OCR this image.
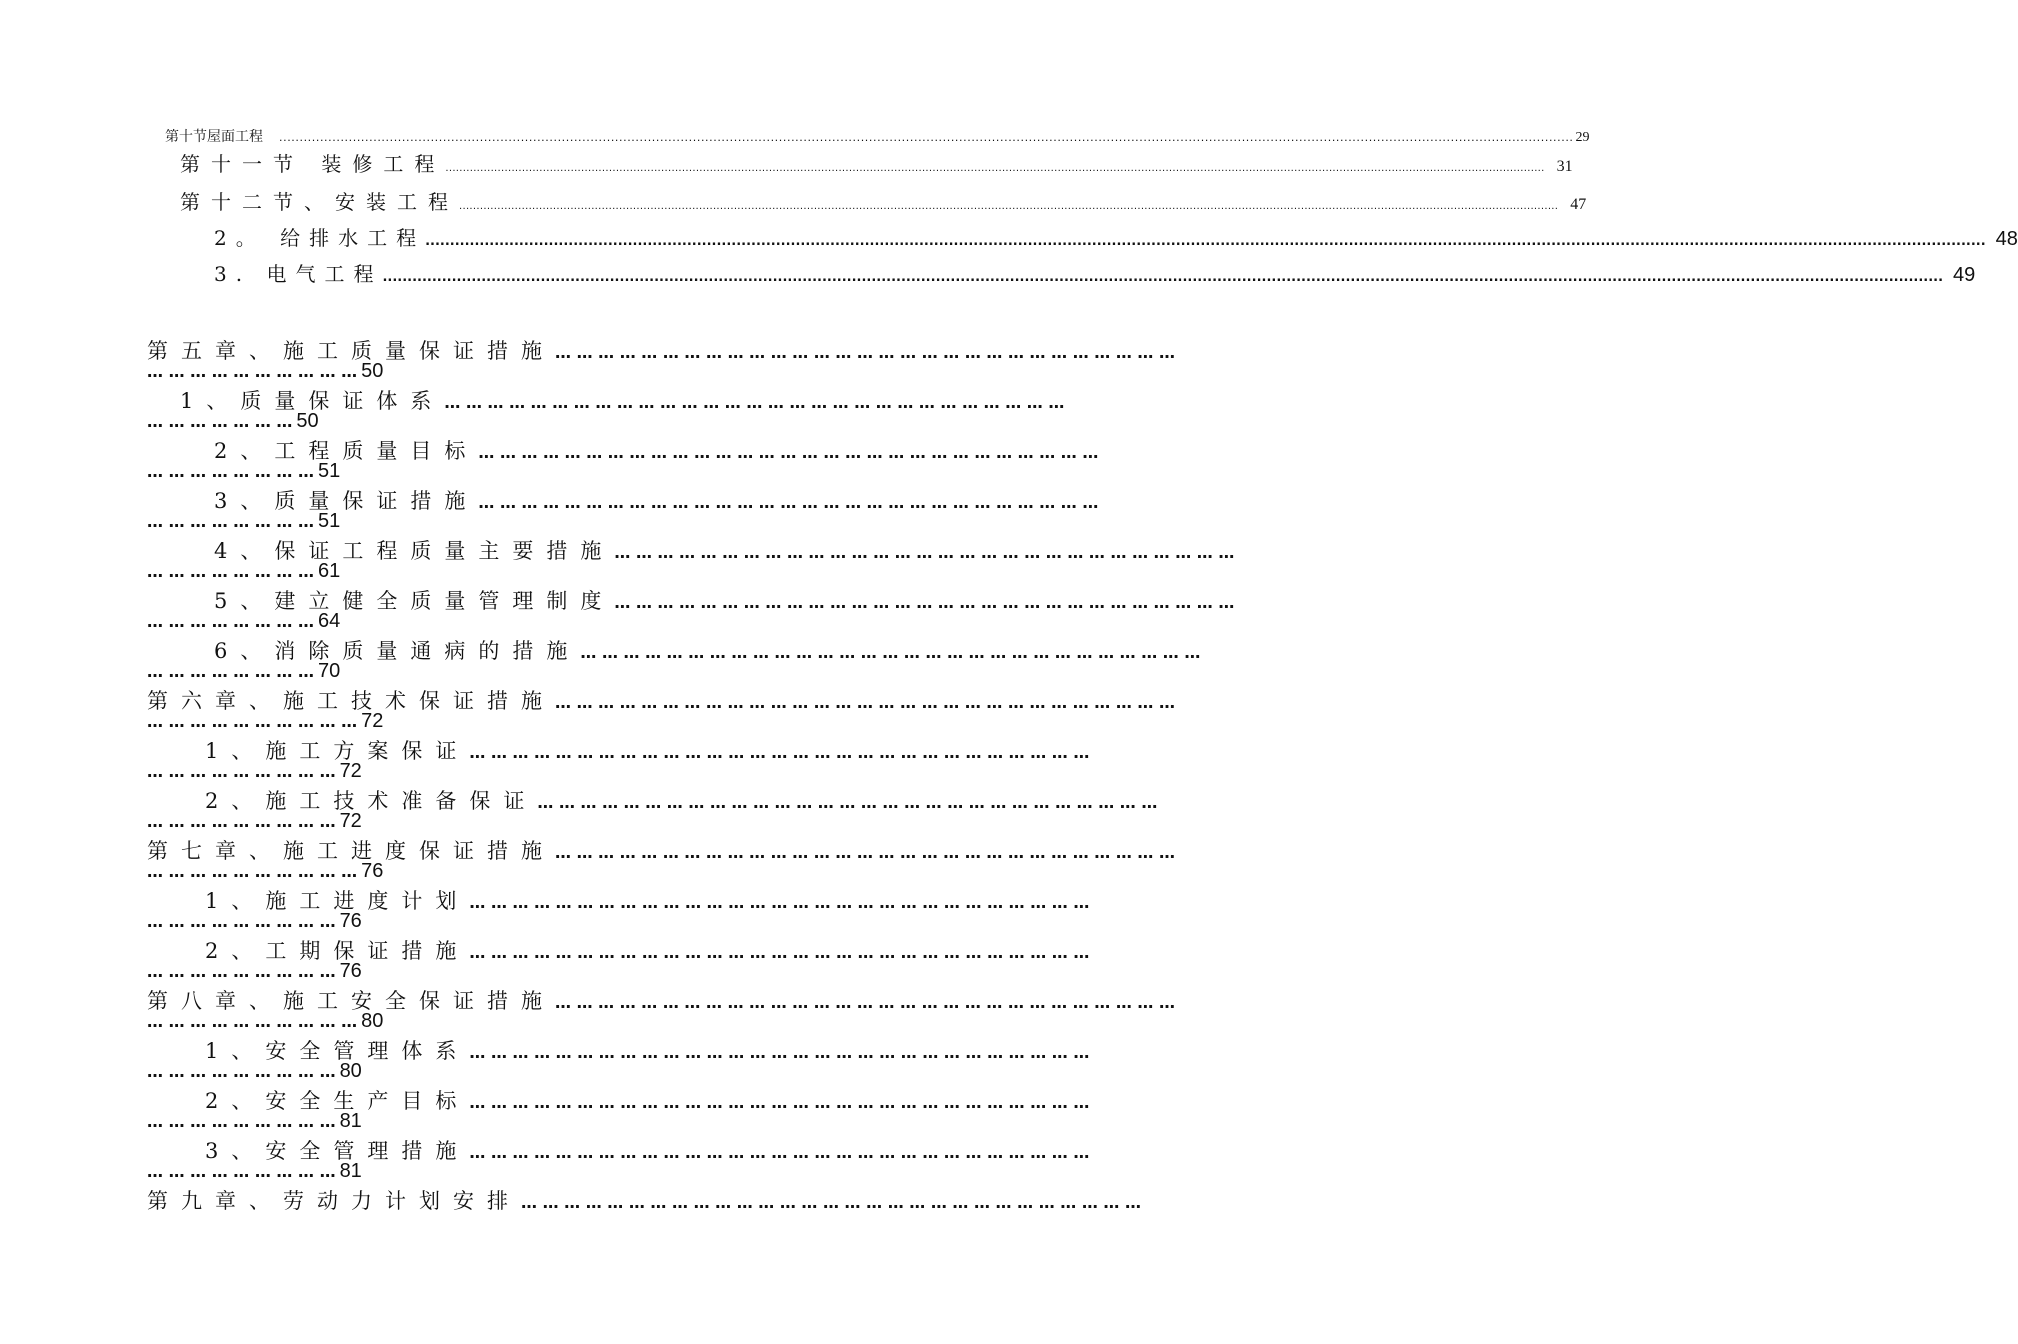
第十节 屋面工程 .....	29
第十一节 装修工程 .....	31
第十二节、安装工程 .....	47
2。 给排水工程 .....	48
3. 电气工程 .....	49
第五章、施工质量保证措施 … … … … … … … … … … … … … … … … … … … … … … … … … … … … …
… … … … … … … … … … 50
1、质量保证体系 … … … … … … … … … … … … … … … … … … … … … … … … … … … … …
… … … … … … … 50
2、工程质量目标 … … … … … … … … … … … … … … … … … … … … … … … … … … … … …
… … … … … … … … 51
3、质量保证措施 … … … … … … … … … … … … … … … … … … … … … … … … … … … … …
… … … … … … … … 51
4、保证工程质量主要措施 … … … … … … … … … … … … … … … … … … … … … … … … … … … … …
… … … … … … … … 61
5、建立健全质量管理制度 … … … … … … … … … … … … … … … … … … … … … … … … … … … … …
… … … … … … … … 64
6、消除质量通病的措施 … … … … … … … … … … … … … … … … … … … … … … … … … … … … …
… … … … … … … … 70
第六章、施工技术保证措施 … … … … … … … … … … … … … … … … … … … … … … … … … … … … …
… … … … … … … … … … 72
1、施工方案保证 … … … … … … … … … … … … … … … … … … … … … … … … … … … … …
… … … … … … … … … 72
2、施工技术准备保证 … … … … … … … … … … … … … … … … … … … … … … … … … … … … …
… … … … … … … … … 72
第七章、施工进度保证措施 … … … … … … … … … … … … … … … … … … … … … … … … … … … … …
… … … … … … … … … … 76
1、施工进度计划 … … … … … … … … … … … … … … … … … … … … … … … … … … … … …
… … … … … … … … … 76
2、工期保证措施 … … … … … … … … … … … … … … … … … … … … … … … … … … … … …
… … … … … … … … … 76
第八章、施工安全保证措施 … … … … … … … … … … … … … … … … … … … … … … … … … … … … …
… … … … … … … … … … 80
1、安全管理体系 … … … … … … … … … … … … … … … … … … … … … … … … … … … … …
… … … … … … … … … 80
2、安全生产目标 … … … … … … … … … … … … … … … … … … … … … … … … … … … … …
… … … … … … … … … 81
3、安全管理措施 … … … … … … … … … … … … … … … … … … … … … … … … … … … … …
… … … … … … … … … 81
第九章、劳动力计划安排 … … … … … … … … … … … … … … … … … … … … … … … … … … … … …
